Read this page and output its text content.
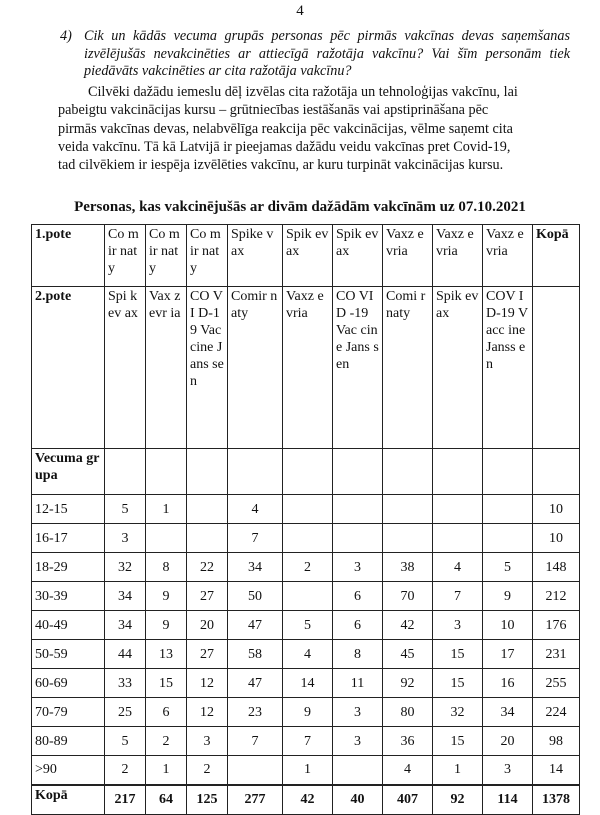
4
4) Cik un kādās vecuma grupās personas pēc pirmās vakcīnas devas saņemšanas izvēlējušās nevakcinēties ar attiecīgā ražotāja vakcīnu? Vai šīm personām tiek piedāvāts vakcinēties ar cita ražotāja vakcīnu?
Cilvēki dažādu iemeslu dēļ izvēlas cita ražotāja un tehnoloģijas vakcīnu, lai
pabeigtu vakcinācijas kursu – grūtniecības iestāšanās vai apstiprināšana pēc
pirmās vakcīnas devas, nelabvēlīga reakcija pēc vakcinācijas, vēlme saņemt cita
veida vakcīnu. Tā kā Latvijā ir pieejamas dažādu veidu vakcīnas pret Covid-19,
tad cilvēkiem ir iespēja izvēlēties vakcīnu, ar kuru turpināt vakcinācijas kursu.
Personas, kas vakcinējušās ar divām dažādām vakcīnām uz 07.10.2021
1.pote	Co mir naty	Co mir naty	Co mir naty	Spike vax	Spik evax	Spik evax	Vaxz evria	Vaxz evria	Vaxz evria	Kopā
2.pote	Spi kev ax	Vax zevr ia	CO VI D-19 Vac cine Jans sen	Comir naty	Vaxz evria	CO VID -19 Vac cine Jans sen	Comi rnaty	Spik evax	COV ID-19 Vacc ine Janss en	
Vecuma grupa										
12-15	5	1		4						10
16-17	3			7						10
18-29	32	8	22	34	2	3	38	4	5	148
30-39	34	9	27	50		6	70	7	9	212
40-49	34	9	20	47	5	6	42	3	10	176
50-59	44	13	27	58	4	8	45	15	17	231
60-69	33	15	12	47	14	11	92	15	16	255
70-79	25	6	12	23	9	3	80	32	34	224
80-89	5	2	3	7	7	3	36	15	20	98
>90	2	1	2		1		4	1	3	14
Kopā	217	64	125	277	42	40	407	92	114	1378
